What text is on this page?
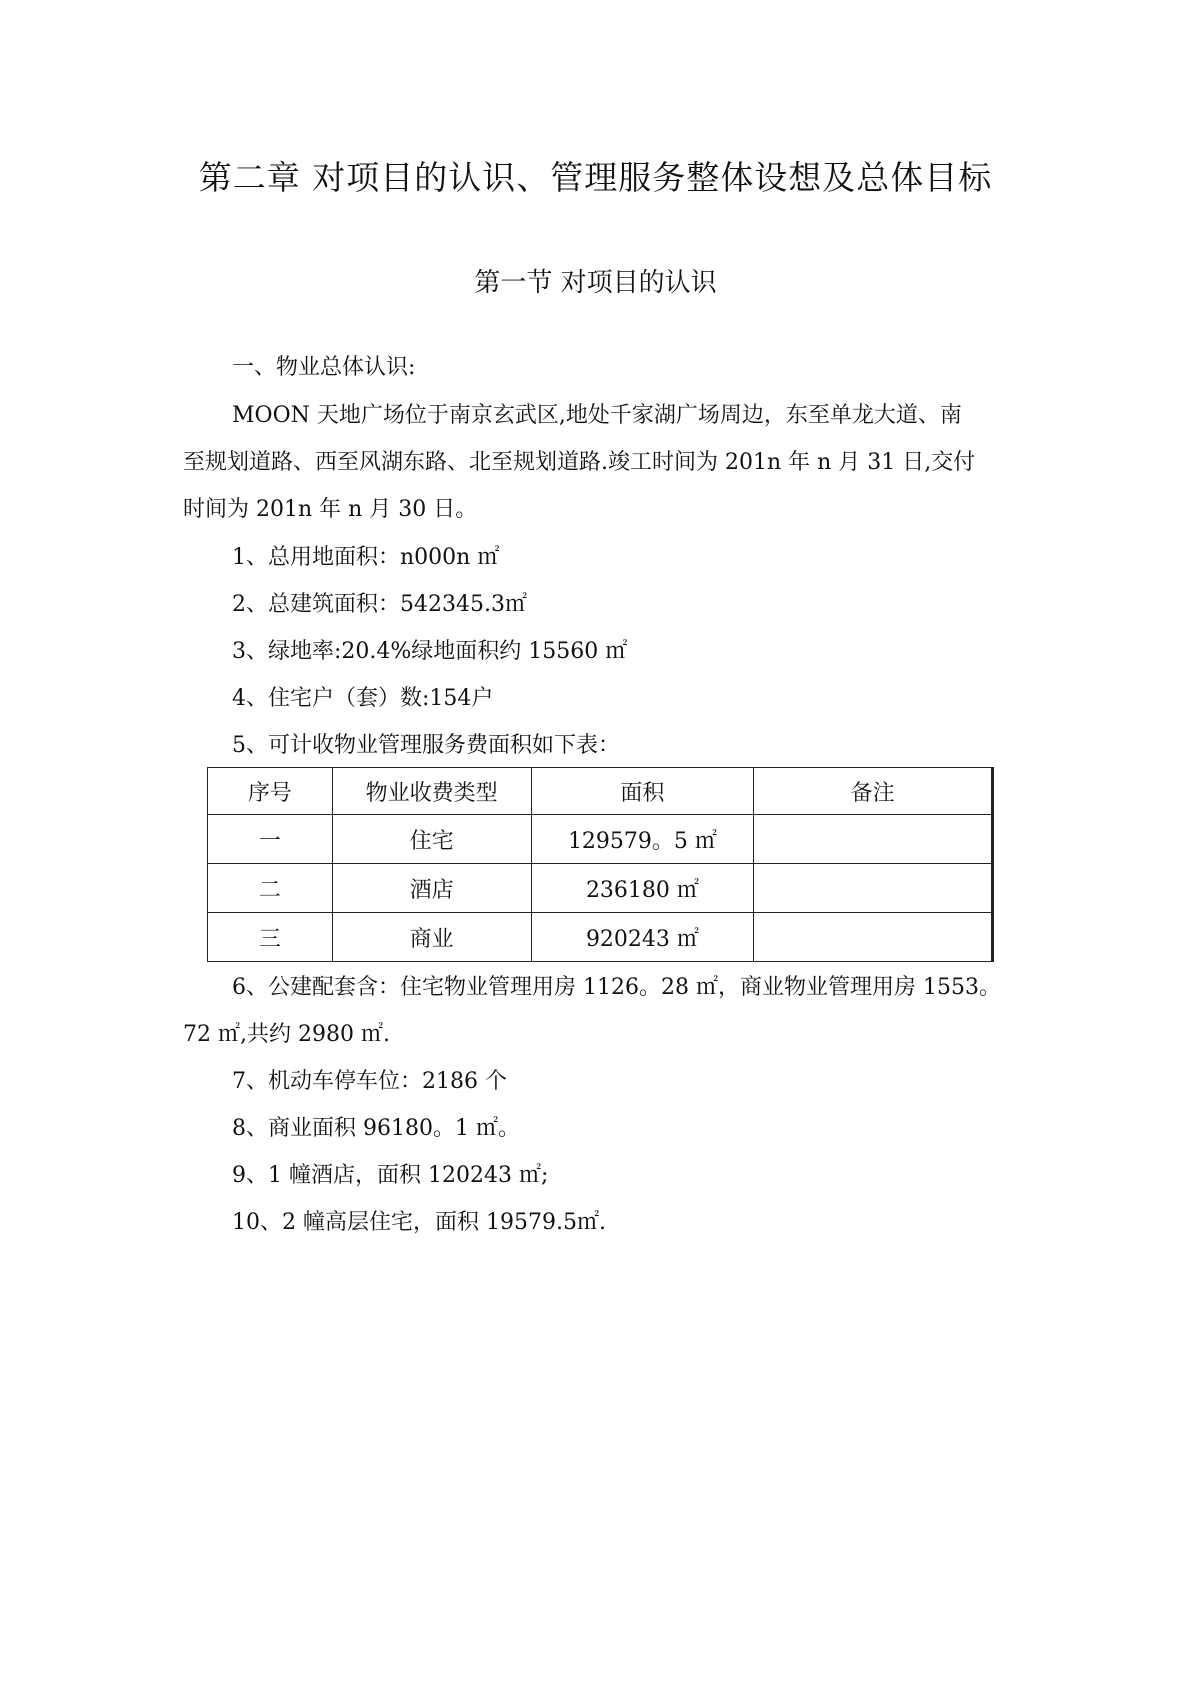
第二章 对项目的认识、管理服务整体设想及总体目标
第一节 对项目的认识

一、物业总体认识:

MOON 天地广场位于南京玄武区,地处千家湖广场周边，东至单龙大道、南

至规划道路、西至风湖东路、北至规划道路.竣工时间为 201n 年 n 月 31 日,交付

时间为 201n 年 n 月 30 日。

1、总用地面积：n000n ㎡

2、总建筑面积：542345.3㎡

3、绿地率:20.4%绿地面积约 15560 ㎡

4、住宅户（套）数:154户

5、可计收物业管理服务费面积如下表：

序号	物业收费类型	面积	备注
一	住宅	129579。5 ㎡	
二	酒店	236180 ㎡	
三	商业	920243 ㎡	

6、公建配套含：住宅物业管理用房 1126。28 ㎡，商业物业管理用房 1553。

72 ㎡,共约 2980 ㎡.

7、机动车停车位：2186 个

8、商业面积 96180。1 ㎡。

9、1 幢酒店，面积 120243 ㎡;

10、2 幢高层住宅，面积 19579.5㎡.
